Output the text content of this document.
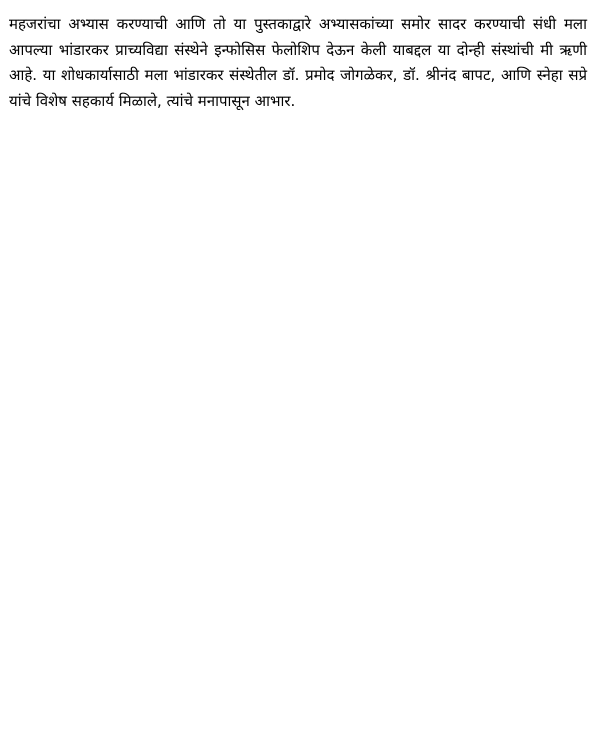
महजरांचा अभ्यास करण्याची आणि तो या पुस्तकाद्वारे अभ्यासकांच्या समोर सादर करण्याची संधी मला आपल्या भांडारकर प्राच्यविद्या संस्थेने इन्फोसिस फेलोशिप देऊन केली याबद्दल या दोन्ही संस्थांची मी ऋणी आहे. या शोधकार्यासाठी मला भांडारकर संस्थेतील डॉ. प्रमोद जोगळेकर, डॉ. श्रीनंद बापट, आणि स्नेहा सप्रे यांचे विशेष सहकार्य मिळाले, त्यांचे मनापासून आभार.
